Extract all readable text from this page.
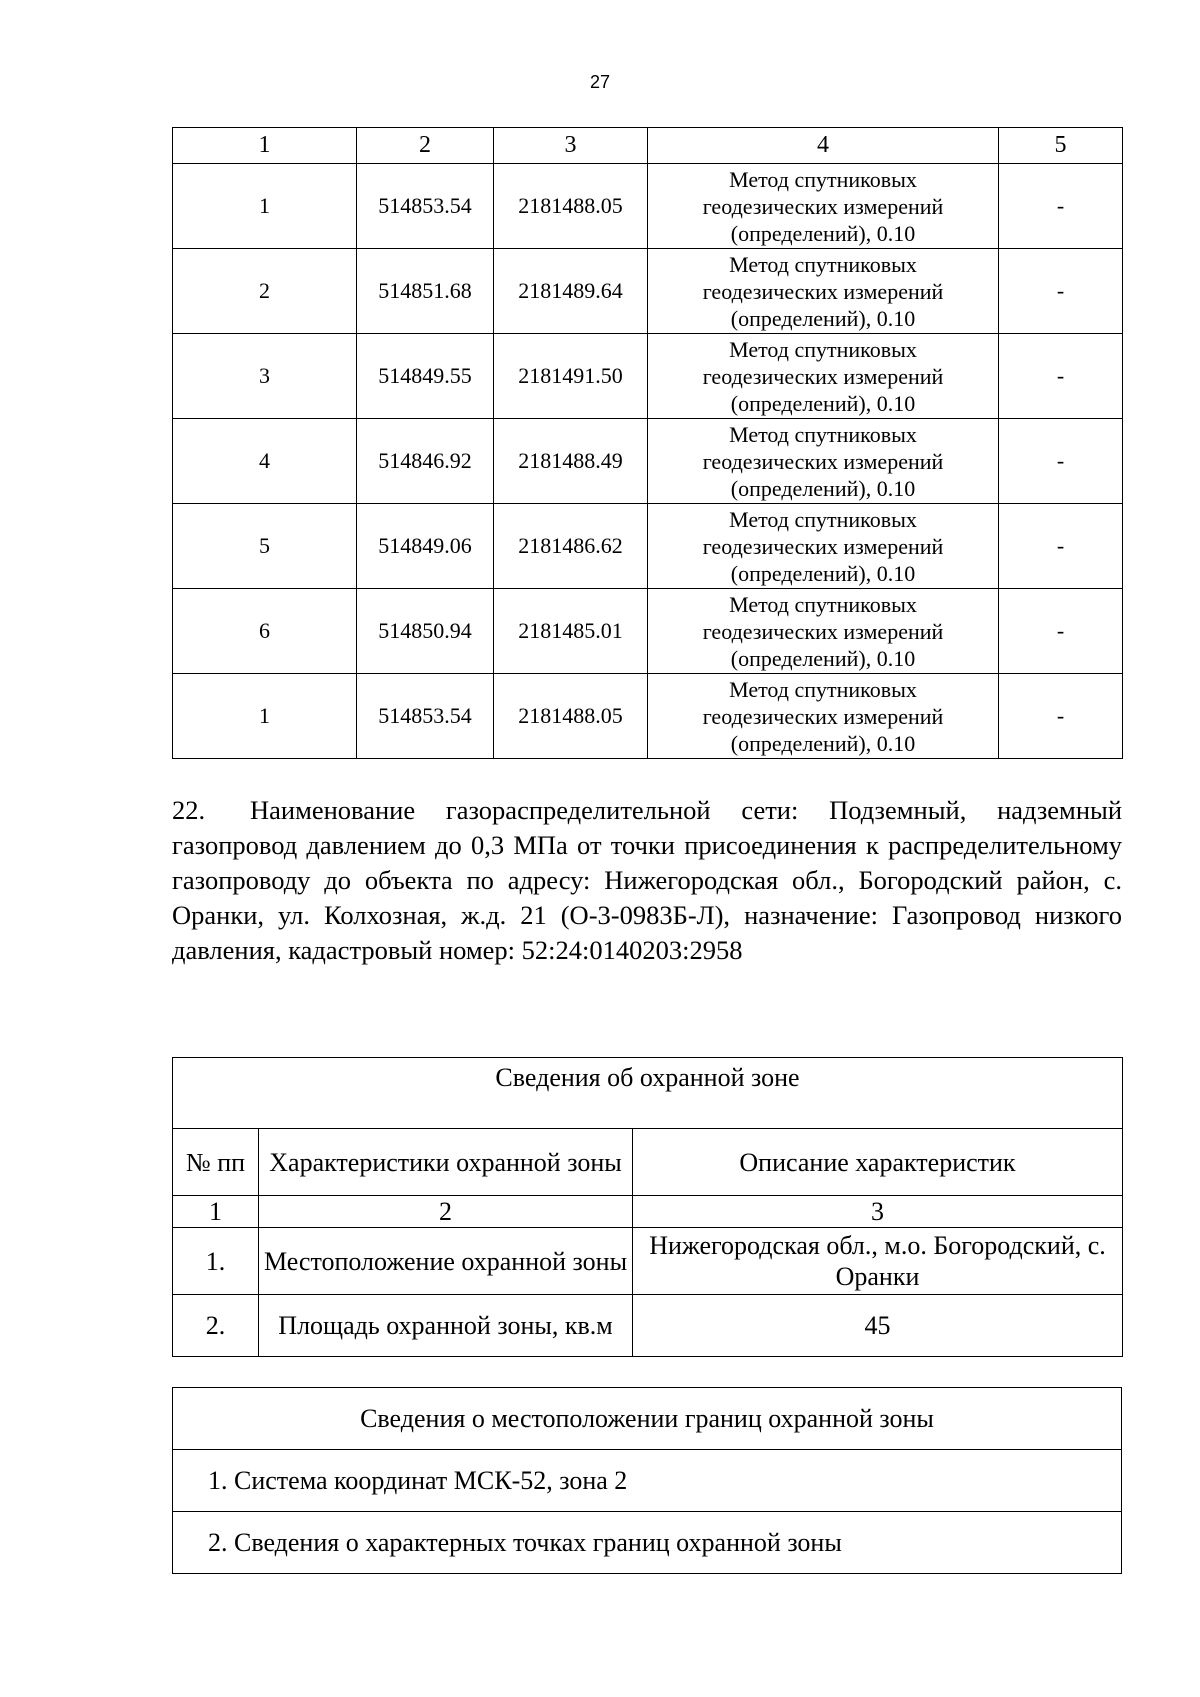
27
1	2	3	4	5
1	514853.54	2181488.05	Метод спутниковых
геодезических измерений
(определений), 0.10	-
2	514851.68	2181489.64	Метод спутниковых
геодезических измерений
(определений), 0.10	-
3	514849.55	2181491.50	Метод спутниковых
геодезических измерений
(определений), 0.10	-
4	514846.92	2181488.49	Метод спутниковых
геодезических измерений
(определений), 0.10	-
5	514849.06	2181486.62	Метод спутниковых
геодезических измерений
(определений), 0.10	-
6	514850.94	2181485.01	Метод спутниковых
геодезических измерений
(определений), 0.10	-
1	514853.54	2181488.05	Метод спутниковых
геодезических измерений
(определений), 0.10	-
22. Наименование газораспределительной сети: Подземный, надземный газопровод давлением до 0,3 МПа от точки присоединения к распределительному газопроводу до объекта по адресу: Нижегородская обл., Богородский район, с. Оранки, ул. Колхозная, ж.д. 21 (О-3-0983Б-Л), назначение: Газопровод низкого давления, кадастровый номер: 52:24:0140203:2958
Сведения об охранной зоне		
№ пп	Характеристики охранной зоны	Описание характеристик
1	2	3
1.	Местоположение охранной зоны	Нижегородская обл., м.о. Богородский, с. Оранки
2.	Площадь охранной зоны, кв.м	45
Сведения о местоположении границ охранной зоны
1. Система координат МСК-52, зона 2
2. Сведения о характерных точках границ охранной зоны
